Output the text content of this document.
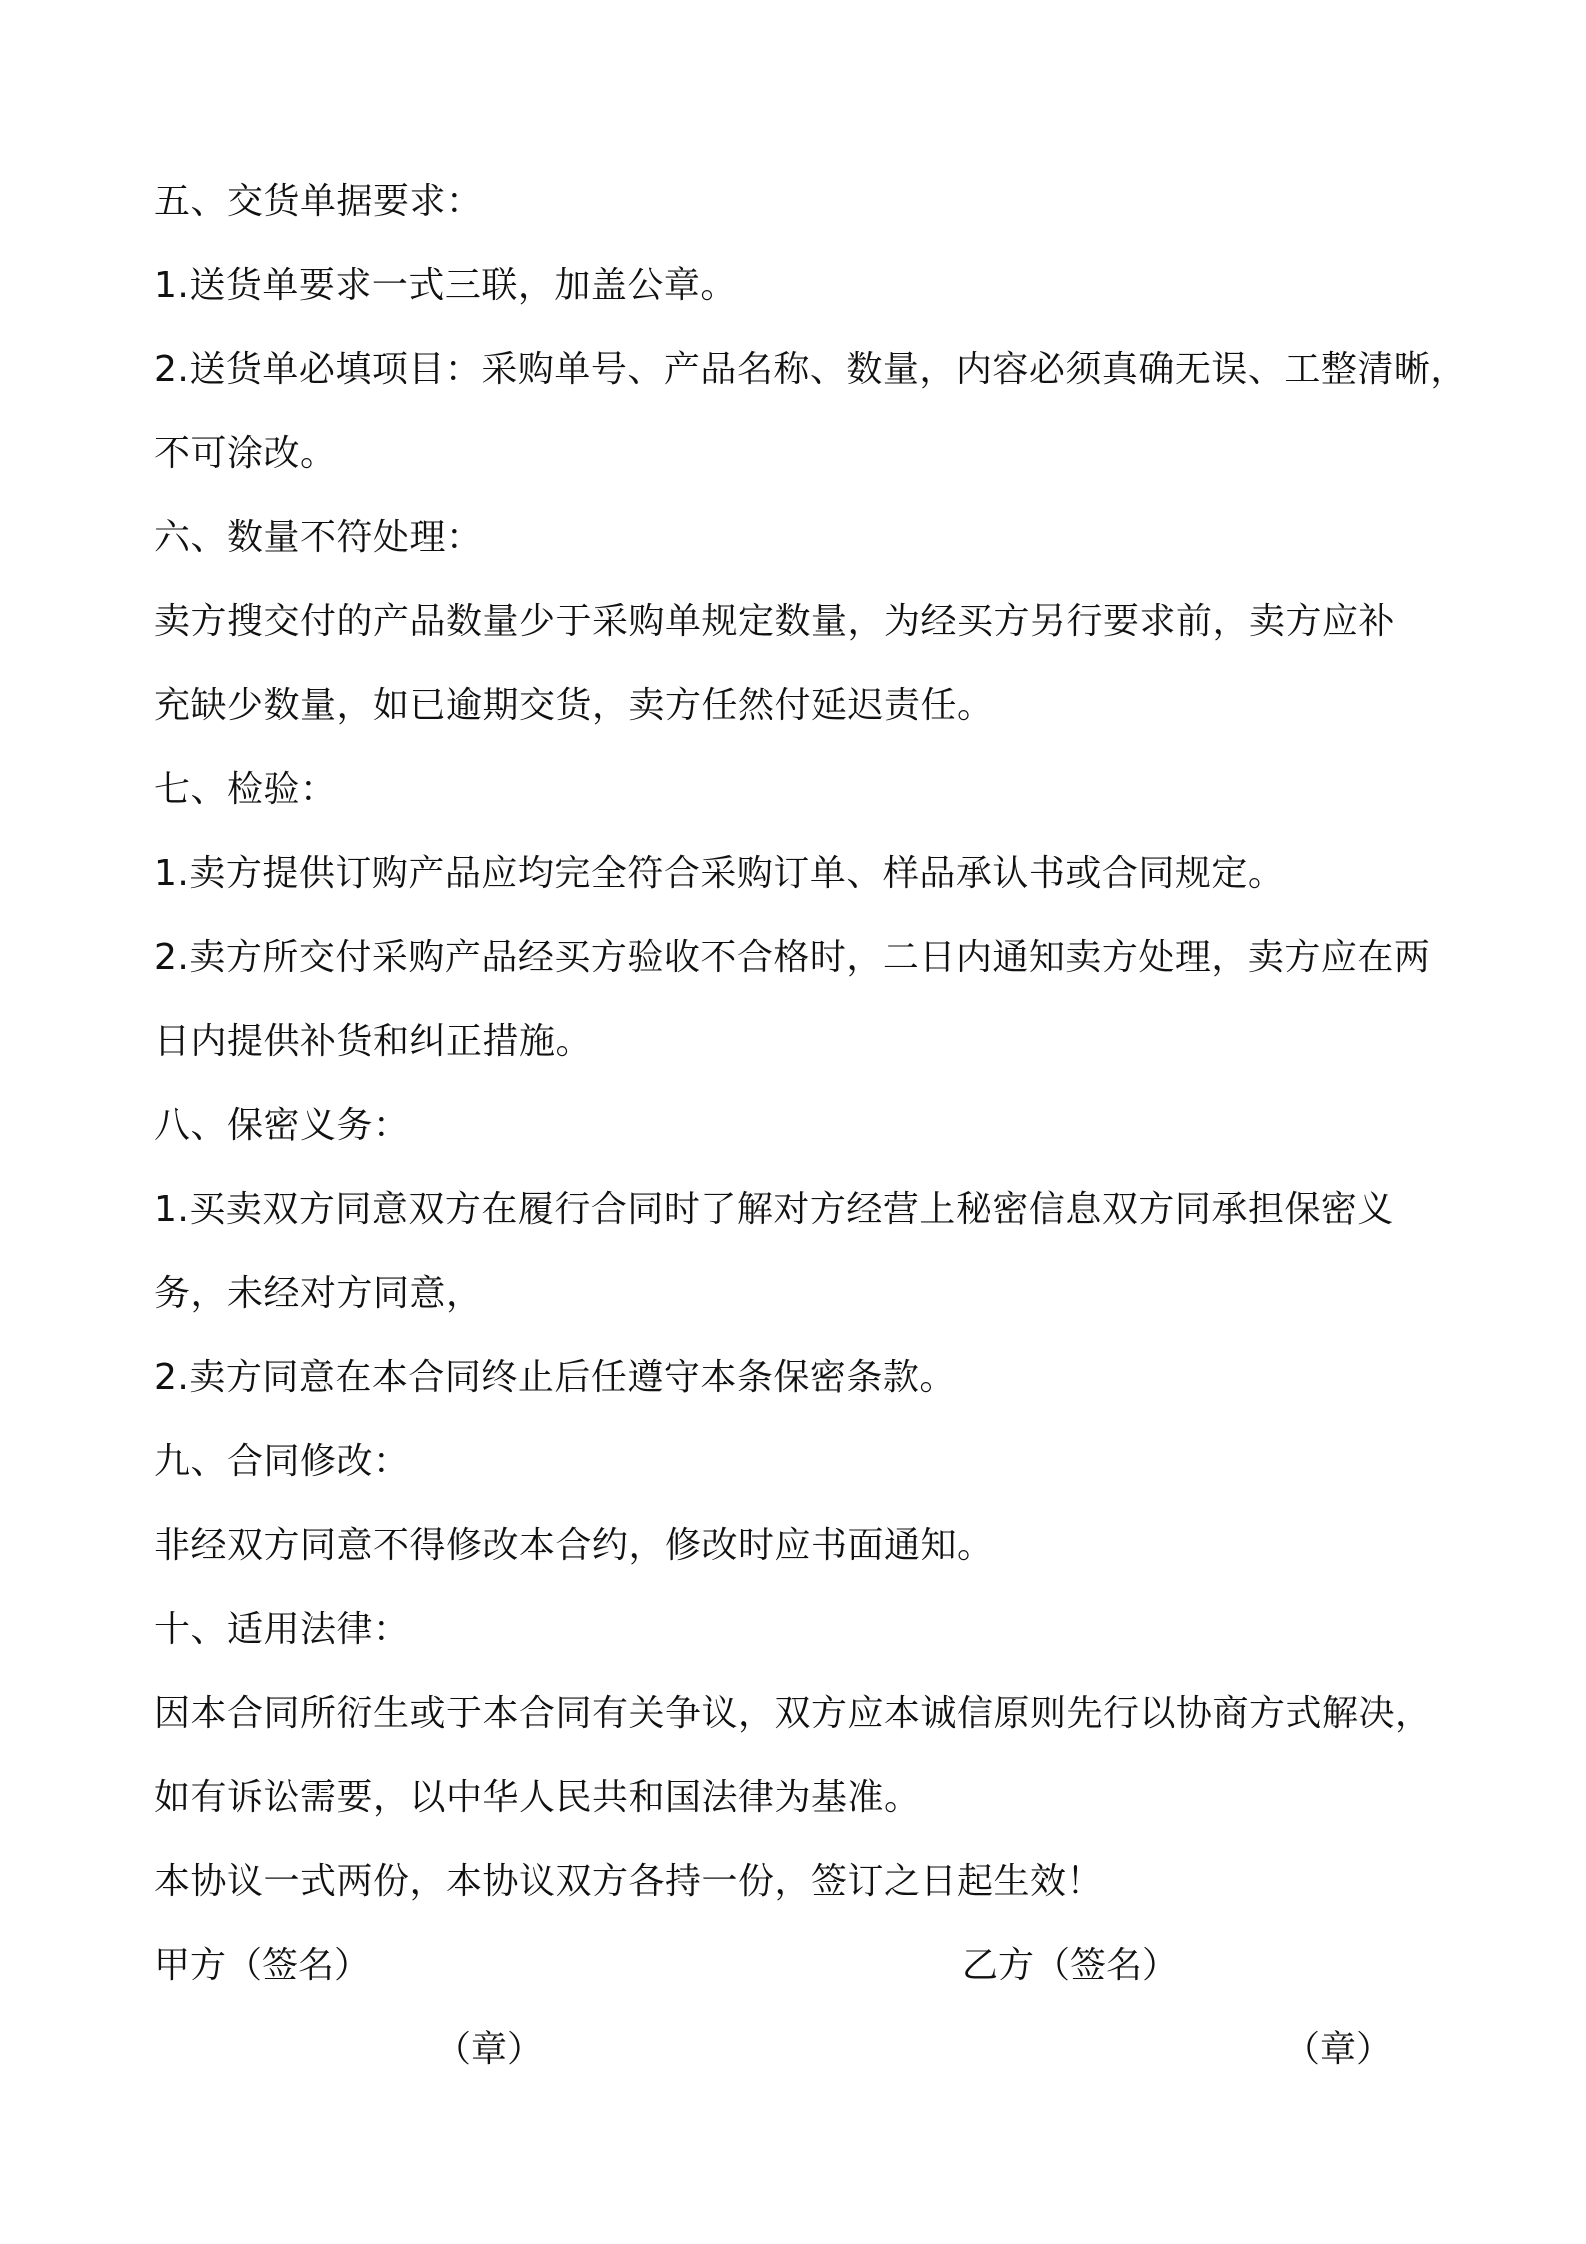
五、交货单据要求：
1.送货单要求一式三联，加盖公章。
2.送货单必填项目：采购单号、产品名称、数量，内容必须真确无误、工整清晰，
不可涂改。
六、数量不符处理：
卖方搜交付的产品数量少于采购单规定数量，为经买方另行要求前，卖方应补
充缺少数量，如已逾期交货，卖方任然付延迟责任。
七、检验：
1.卖方提供订购产品应均完全符合采购订单、样品承认书或合同规定。
2.卖方所交付采购产品经买方验收不合格时，二日内通知卖方处理，卖方应在两
日内提供补货和纠正措施。
八、保密义务：
1.买卖双方同意双方在履行合同时了解对方经营上秘密信息双方同承担保密义
务，未经对方同意，
2.卖方同意在本合同终止后任遵守本条保密条款。
九、合同修改：
非经双方同意不得修改本合约，修改时应书面通知。
十、适用法律：
因本合同所衍生或于本合同有关争议，双方应本诚信原则先行以协商方式解决，
如有诉讼需要，以中华人民共和国法律为基准。
本协议一式两份，本协议双方各持一份，签订之日起生效！
甲方（签名）	乙方（签名）
（章）	（章）
